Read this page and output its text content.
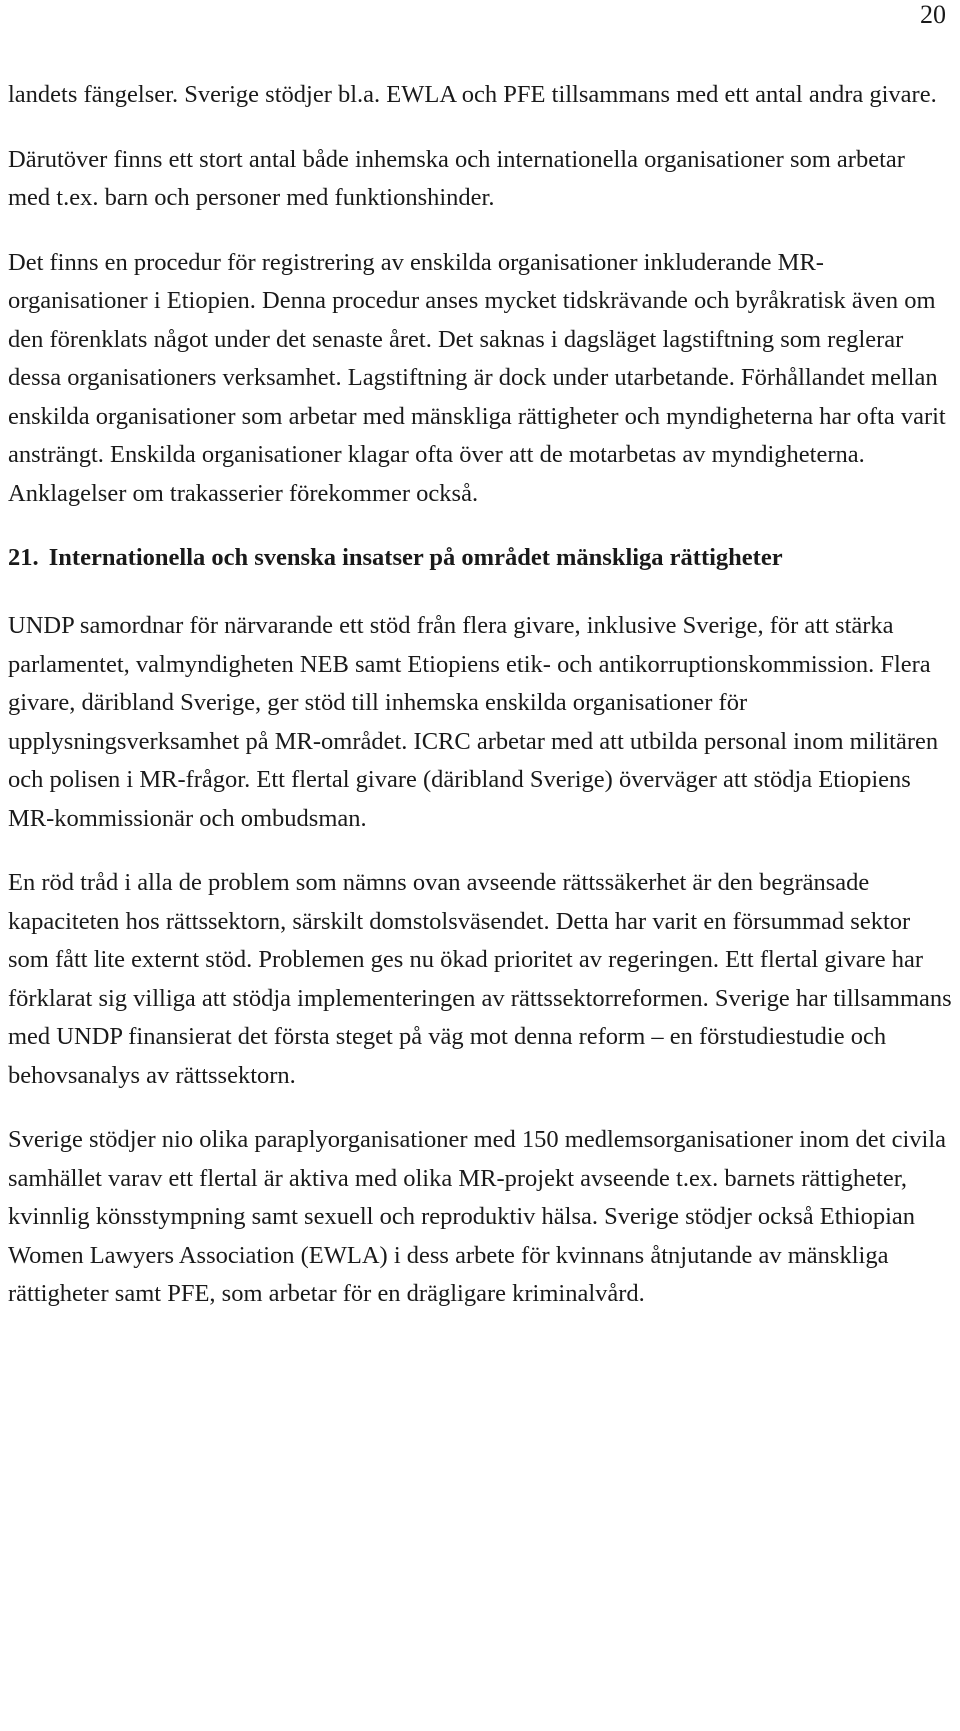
20

landets fängelser. Sverige stödjer bl.a. EWLA och PFE tillsammans med ett antal andra givare.

Därutöver finns ett stort antal både inhemska och internationella organisationer som arbetar med t.ex. barn och personer med funktionshinder.

Det finns en procedur för registrering av enskilda organisationer inkluderande MR-organisationer i Etiopien. Denna procedur anses mycket tidskrävande och byråkratisk även om den förenklats något under det senaste året. Det saknas i dagsläget lagstiftning som reglerar dessa organisationers verksamhet. Lagstiftning är dock under utarbetande. Förhållandet mellan enskilda organisationer som arbetar med mänskliga rättigheter och myndigheterna har ofta varit ansträngt. Enskilda organisationer klagar ofta över att de motarbetas av myndigheterna. Anklagelser om trakasserier förekommer också.

21. Internationella och svenska insatser på området mänskliga rättigheter

UNDP samordnar för närvarande ett stöd från flera givare, inklusive Sverige, för att stärka parlamentet, valmyndigheten NEB samt Etiopiens etik- och antikorruptionskommission. Flera givare, däribland Sverige, ger stöd till inhemska enskilda organisationer för upplysningsverksamhet på MR-området. ICRC arbetar med att utbilda personal inom militären och polisen i MR-frågor. Ett flertal givare (däribland Sverige) överväger att stödja Etiopiens MR-kommissionär och ombudsman.

En röd tråd i alla de problem som nämns ovan avseende rättssäkerhet är den begränsade kapaciteten hos rättssektorn, särskilt domstolsväsendet. Detta har varit en försummad sektor som fått lite externt stöd. Problemen ges nu ökad prioritet av regeringen. Ett flertal givare har förklarat sig villiga att stödja implementeringen av rättssektorreformen. Sverige har tillsammans med UNDP finansierat det första steget på väg mot denna reform – en förstudiestudie och behovsanalys av rättssektorn.

Sverige stödjer nio olika paraplyorganisationer med 150 medlemsorganisationer inom det civila samhället varav ett flertal är aktiva med olika MR-projekt avseende t.ex. barnets rättigheter, kvinnlig könsstympning samt sexuell och reproduktiv hälsa. Sverige stödjer också Ethiopian Women Lawyers Association (EWLA) i dess arbete för kvinnans åtnjutande av mänskliga rättigheter samt PFE, som arbetar för en drägligare kriminalvård.
